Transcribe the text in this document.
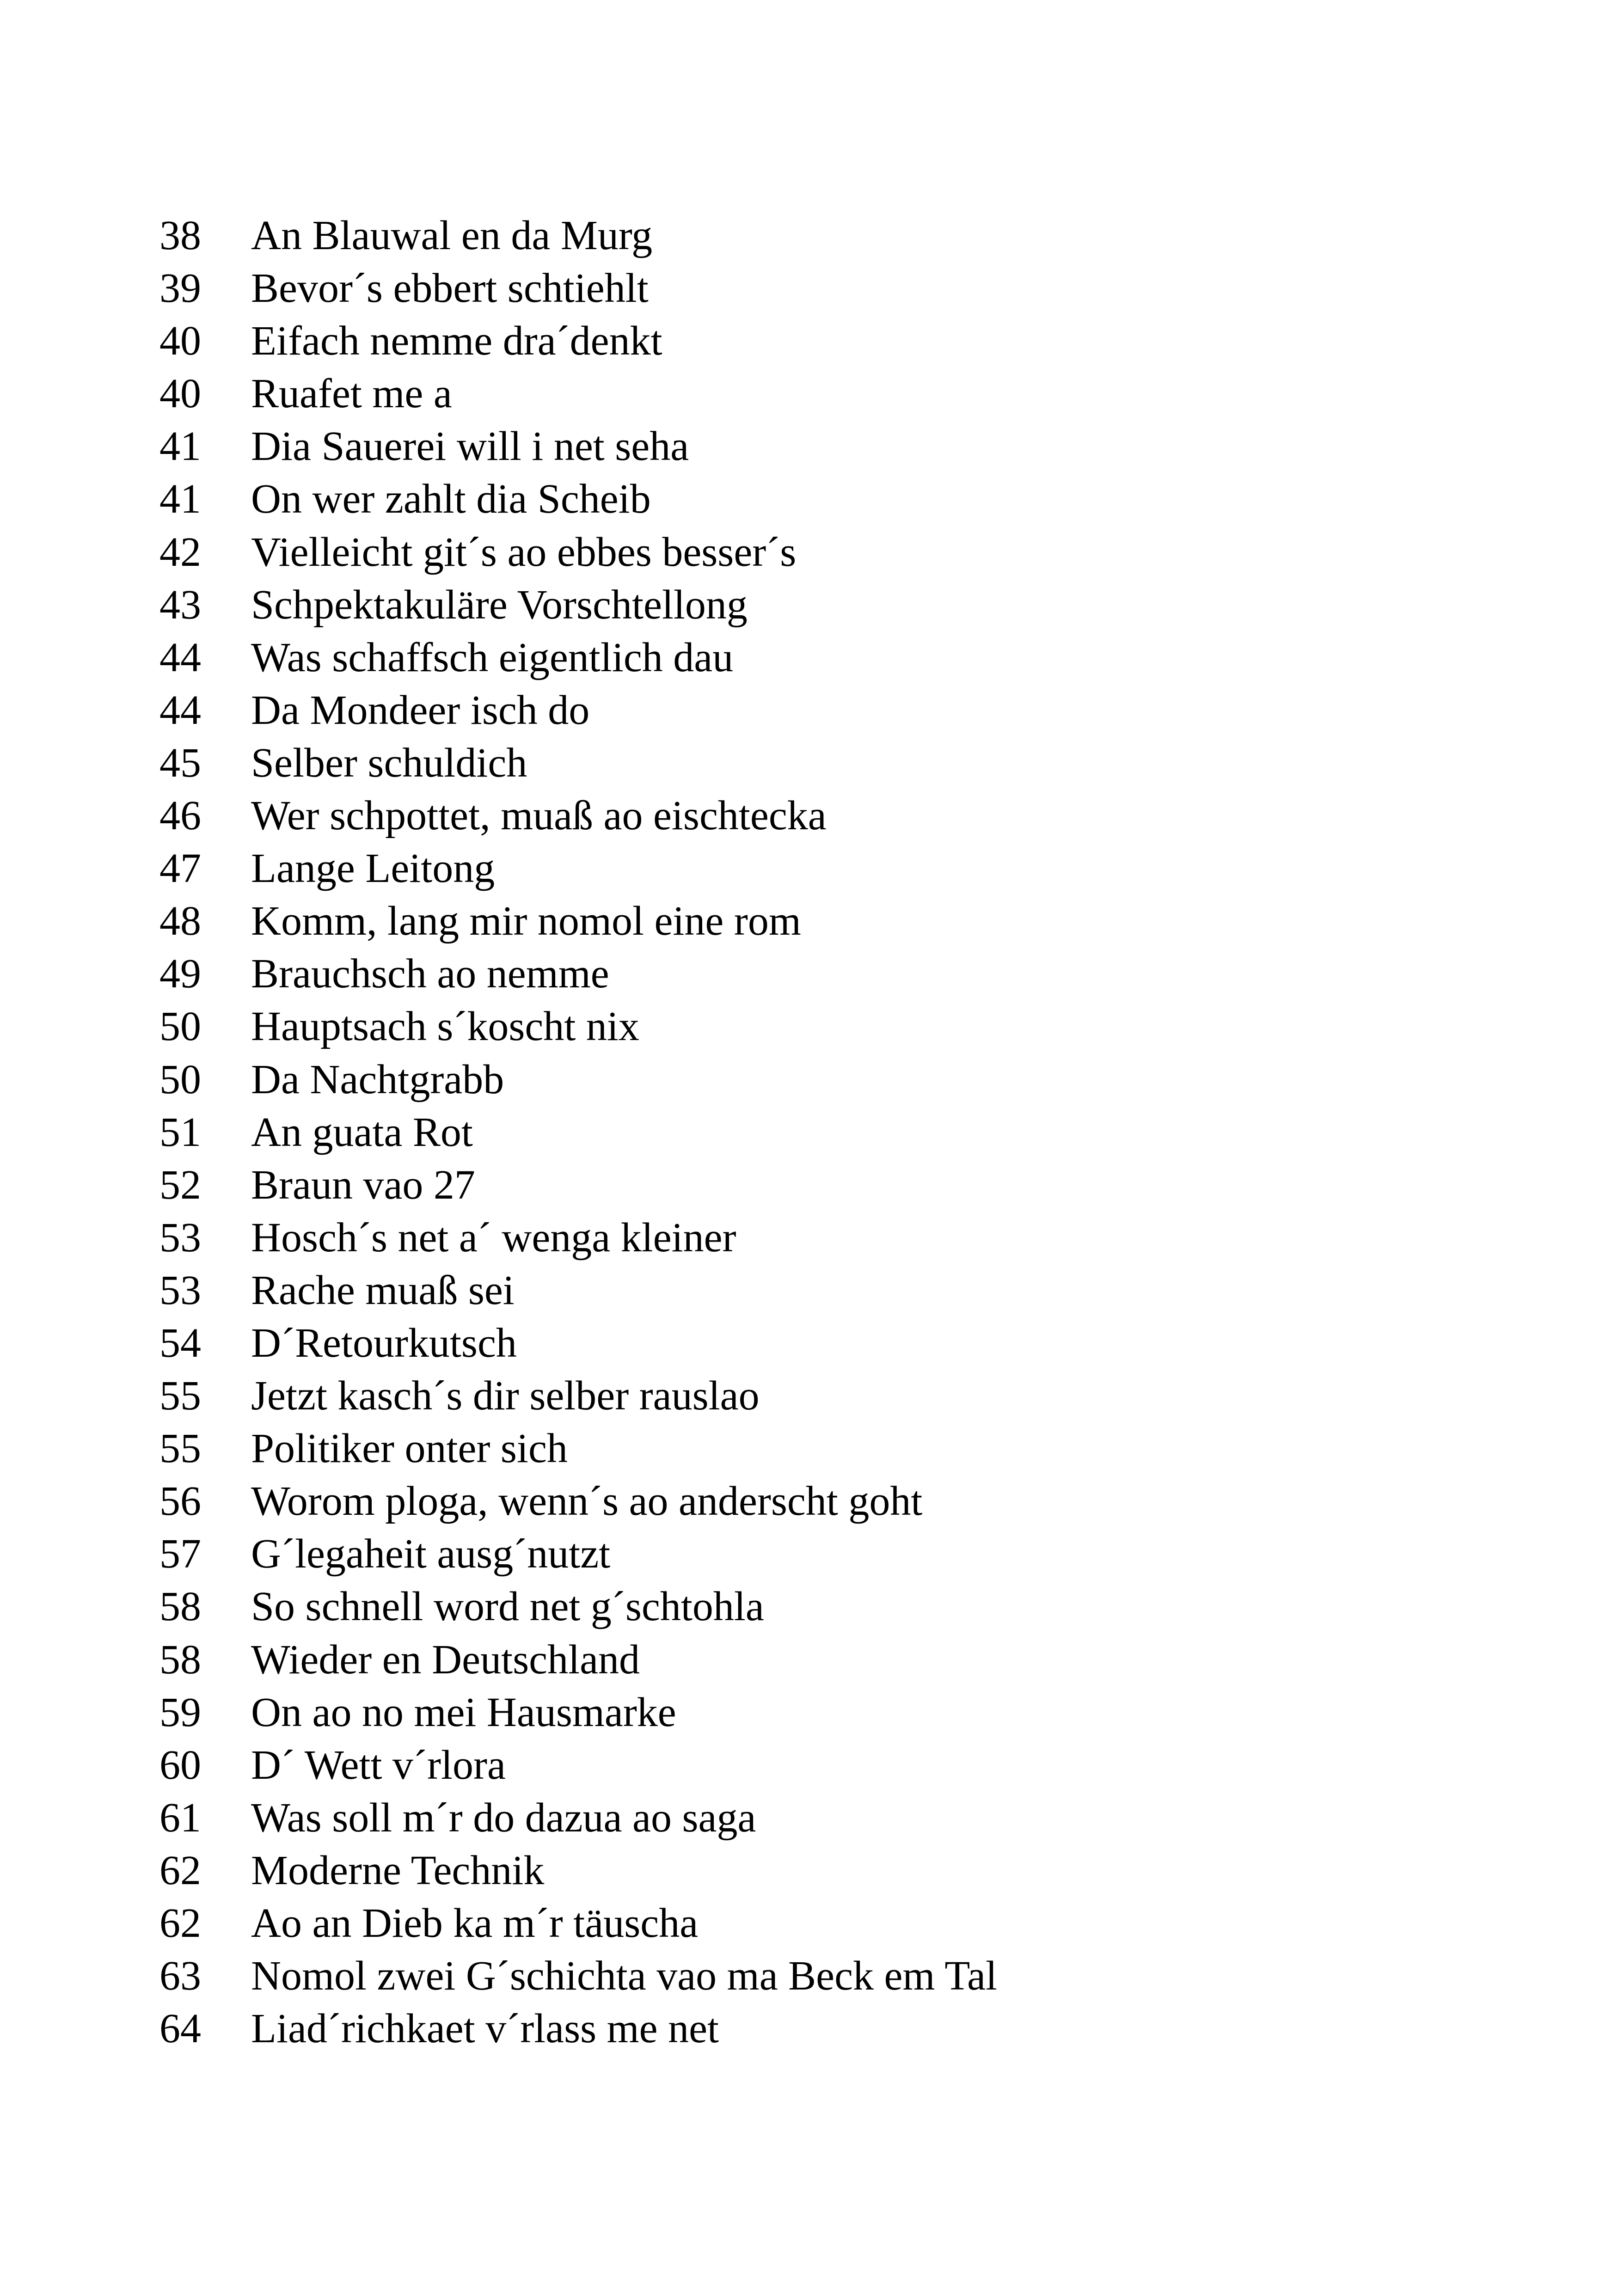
38 An Blauwal en da Murg
39 Bevor´s ebbert schtiehlt
40 Eifach nemme dra´denkt
40 Ruafet me a
41 Dia Sauerei will i net seha
41 On wer zahlt dia Scheib
42 Vielleicht git´s ao ebbes besser´s
43 Schpektakuläre Vorschtellong
44 Was schaffsch eigentlich dau
44 Da Mondeer isch do
45 Selber schuldich
46 Wer schpottet, muaß ao eischtecka
47 Lange Leitong
48 Komm, lang mir nomol eine rom
49 Brauchsch ao nemme
50 Hauptsach s´koscht nix
50 Da Nachtgrabb
51 An guata Rot
52 Braun vao 27
53 Hosch´s net a´ wenga kleiner
53 Rache muaß sei
54 D´Retourkutsch
55 Jetzt kasch´s dir selber rauslao
55 Politiker onter sich
56 Worom ploga, wenn´s ao anderscht goht
57 G´legaheit ausg´nutzt
58 So schnell word net g´schtohla
58 Wieder en Deutschland
59 On ao no mei Hausmarke
60 D´ Wett v´rlora
61 Was soll m´r do dazua ao saga
62 Moderne Technik
62 Ao an Dieb ka m´r täuscha
63 Nomol zwei G´schichta vao ma Beck em Tal
64 Liad´richkaet v´rlass me net
